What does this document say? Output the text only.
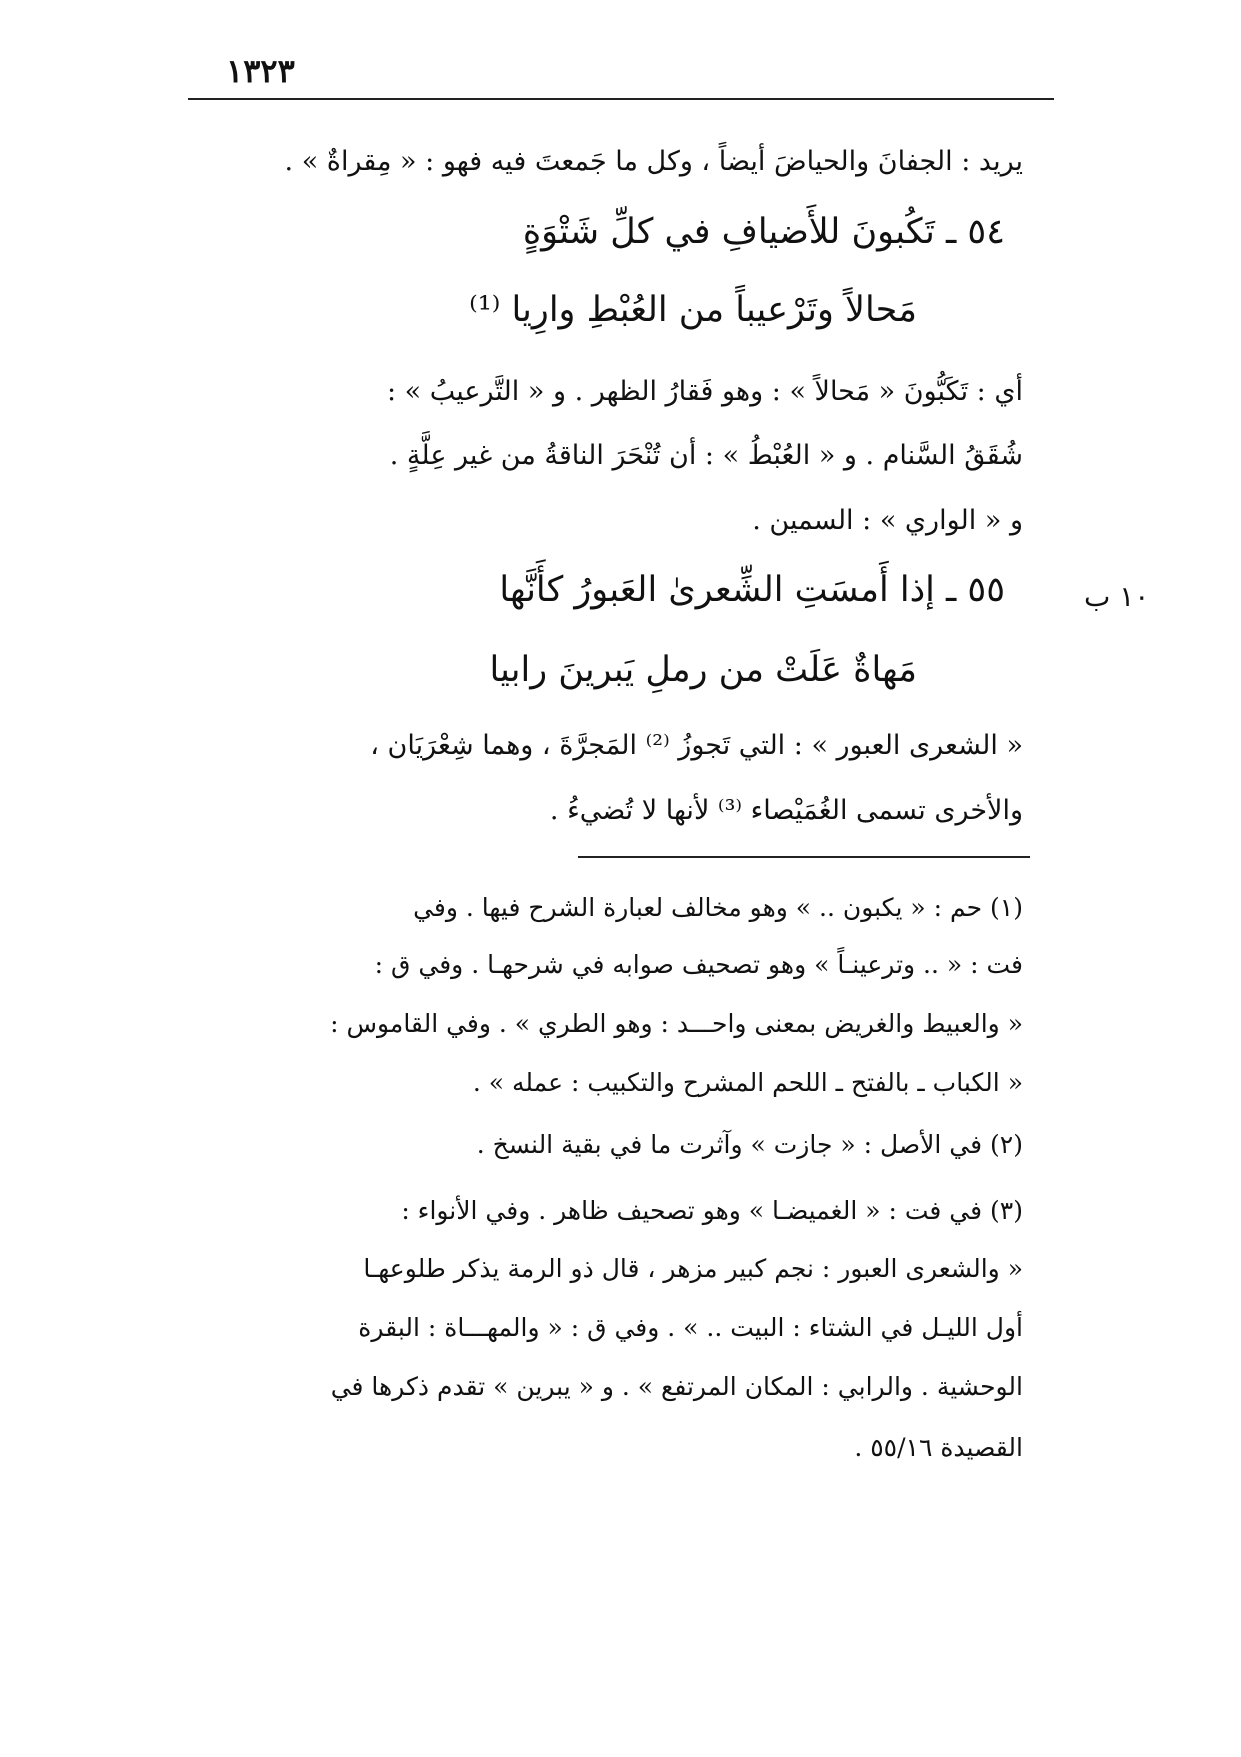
١٣٢٣
يريد : الجفانَ والحياضَ أيضاً ، وكل ما جَمعتَ فيه فهو : « مِقراةٌ » .
٥٤ ـ تَكُبونَ للأَضيافِ في كلِّ شَتْوَةٍ
مَحالاً وتَرْعيباً من العُبْطِ وارِيا ⁽¹⁾
أي : تَكَبُّونَ « مَحالاً » : وهو فَقارُ الظهر . و « التَّرعيبُ » :
شُقَقُ السَّنام . و « العُبْطُ » : أن تُنْحَرَ الناقةُ من غير عِلَّةٍ .
و « الواري » : السمين .
١٠ ب
٥٥ ـ إذا أَمسَتِ الشِّعرىٰ العَبورُ كأَنَّها
مَهاةٌ عَلَتْ من رملِ يَبرينَ رابيا
« الشعرى العبور » : التي تَجوزُ ⁽²⁾ المَجرَّةَ ، وهما شِعْرَيَان ،
والأخرى تسمى الغُمَيْصاء ⁽³⁾ لأنها لا تُضيءُ .
(١) حم : « يكبون .. » وهو مخالف لعبارة الشرح فيها . وفي
فت : « .. وترعينـاً » وهو تصحيف صوابه في شرحهـا . وفي ق :
« والعبيط والغريض بمعنى واحـــد : وهو الطري » . وفي القاموس :
« الكباب ـ بالفتح ـ اللحم المشرح والتكبيب : عمله » .
(٢) في الأصل : « جازت » وآثرت ما في بقية النسخ .
(٣) في فت : « الغميضـا » وهو تصحيف ظاهر . وفي الأنواء :
« والشعرى العبور : نجم كبير مزهر ، قال ذو الرمة يذكر طلوعهـا
أول الليـل في الشتاء : البيت .. » . وفي ق : « والمهـــاة : البقرة
الوحشية . والرابي : المكان المرتفع » . و « يبرين » تقدم ذكرها في
القصيدة ٥٥/١٦ .
